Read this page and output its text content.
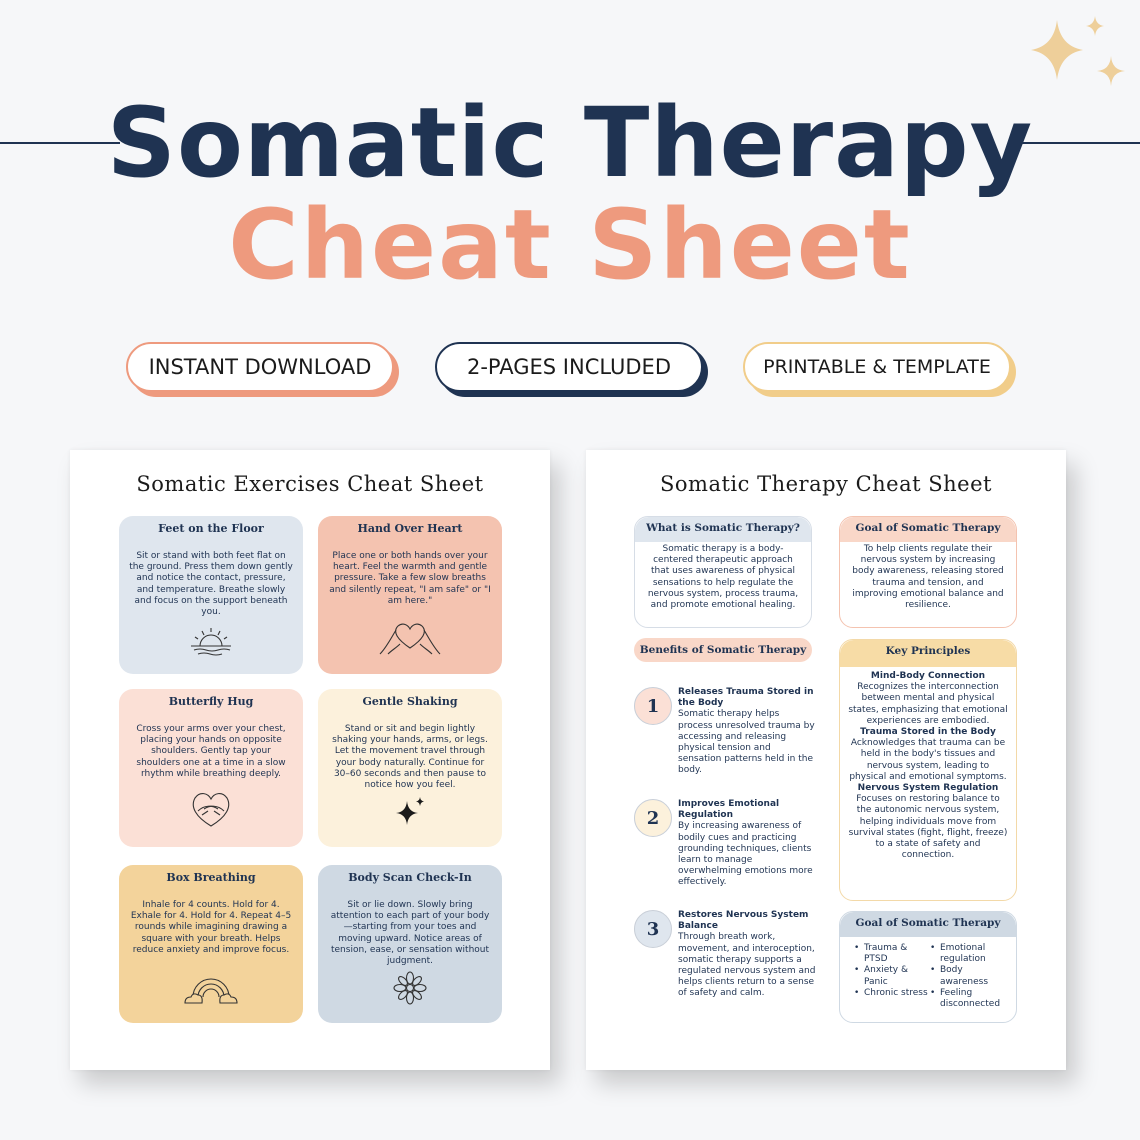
Somatic Therapy
Cheat Sheet
INSTANT DOWNLOAD	2-PAGES INCLUDED	PRINTABLE & TEMPLATE
Somatic Exercises Cheat Sheet
Feet on the Floor

Sit or stand with both feet flat on the ground. Press them down gently and notice the contact, pressure, and temperature. Breathe slowly and focus on the support beneath you.

Hand Over Heart

Place one or both hands over your heart. Feel the warmth and gentle pressure. Take a few slow breaths and silently repeat, "I am safe" or "I am here."

Butterfly Hug

Cross your arms over your chest, placing your hands on opposite shoulders. Gently tap your shoulders one at a time in a slow rhythm while breathing deeply.

Gentle Shaking

Stand or sit and begin lightly shaking your hands, arms, or legs. Let the movement travel through your body naturally. Continue for 30–60 seconds and then pause to notice how you feel.

Box Breathing

Inhale for 4 counts. Hold for 4. Exhale for 4. Hold for 4. Repeat 4–5 rounds while imagining drawing a square with your breath. Helps reduce anxiety and improve focus.

Body Scan Check-In

Sit or lie down. Slowly bring attention to each part of your body—starting from your toes and moving upward. Notice areas of tension, ease, or sensation without judgment.

Somatic Therapy Cheat Sheet
What is Somatic Therapy?
Somatic therapy is a body-centered therapeutic approach that uses awareness of physical sensations to help regulate the nervous system, process trauma, and promote emotional healing.
Goal of Somatic Therapy
To help clients regulate their nervous system by increasing body awareness, releasing stored trauma and tension, and improving emotional balance and resilience.
Benefits of Somatic Therapy
1
Releases Trauma Stored in the Body
Somatic therapy helps process unresolved trauma by accessing and releasing physical tension and sensation patterns held in the body.
2
Improves Emotional Regulation
By increasing awareness of bodily cues and practicing grounding techniques, clients learn to manage overwhelming emotions more effectively.
3
Restores Nervous System Balance
Through breath work, movement, and interoception, somatic therapy supports a regulated nervous system and helps clients return to a sense of safety and calm.
Key Principles
Mind-Body Connection
Recognizes the interconnection between mental and physical states, emphasizing that emotional experiences are embodied.
Trauma Stored in the Body
Acknowledges that trauma can be held in the body's tissues and nervous system, leading to physical and emotional symptoms.
Nervous System Regulation
Focuses on restoring balance to the autonomic nervous system, helping individuals move from survival states (fight, flight, freeze) to a state of safety and connection.
Goal of Somatic Therapy
• Trauma & PTSD
• Anxiety & Panic
• Chronic stress
• Emotional regulation
• Body awareness
• Feeling disconnected
